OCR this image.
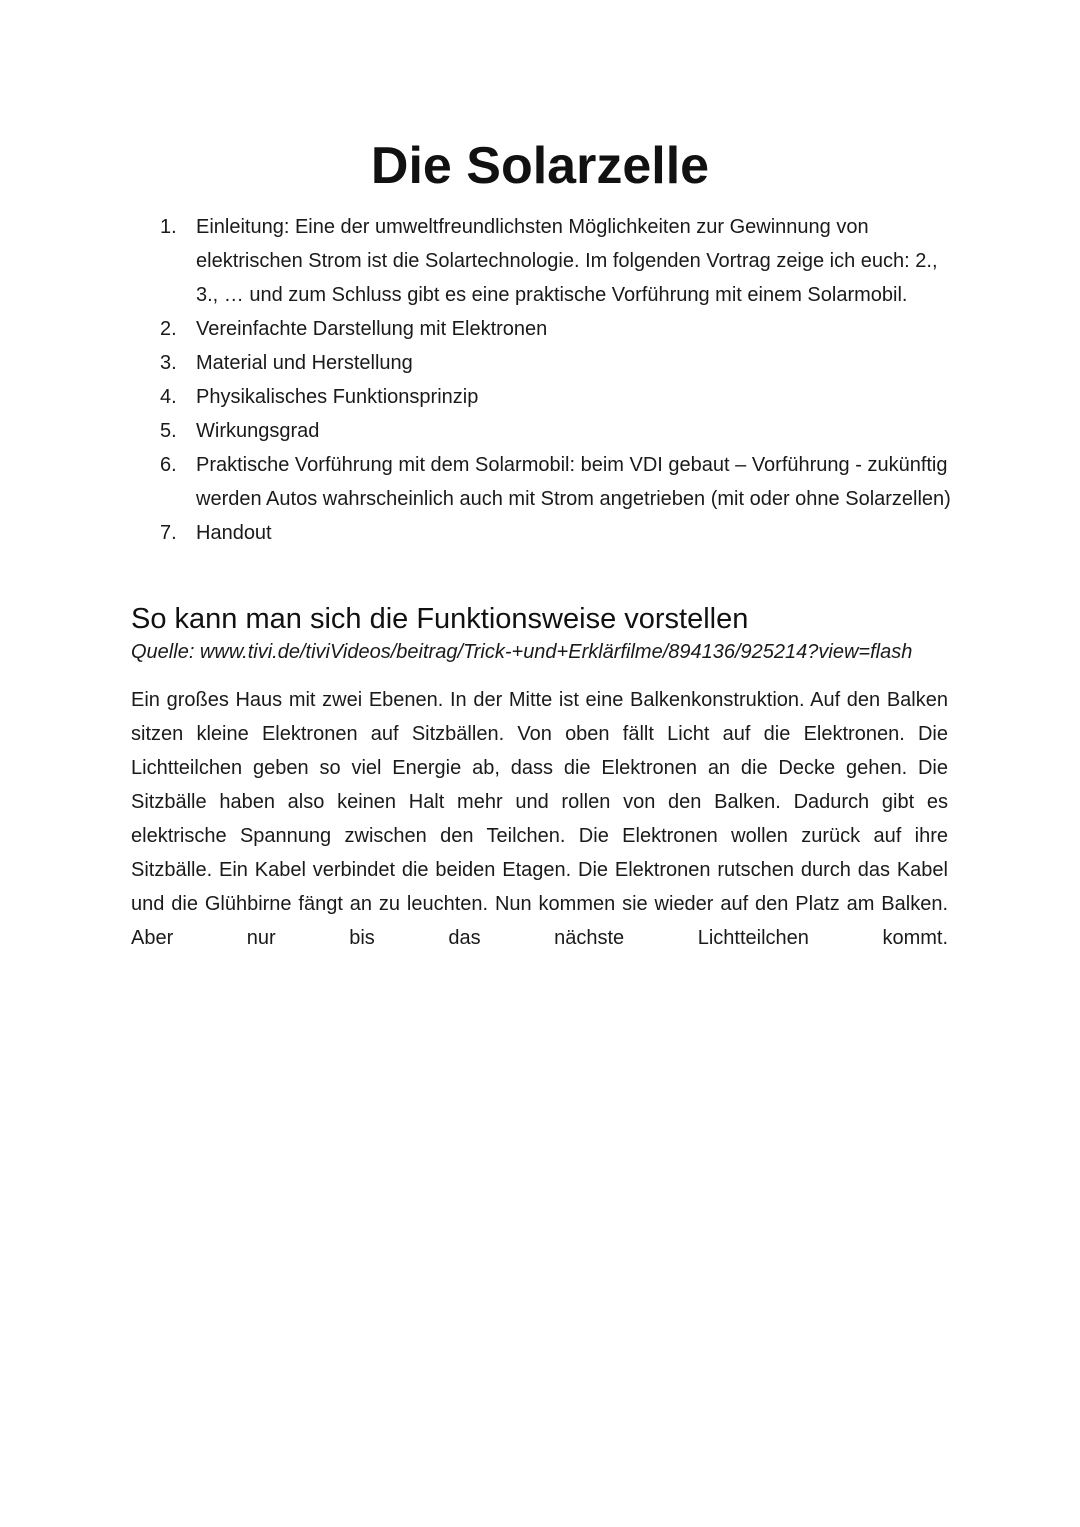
Die Solarzelle
1. Einleitung: Eine der umweltfreundlichsten Möglichkeiten zur Gewinnung von elektrischen Strom ist die Solartechnologie. Im folgenden Vortrag zeige ich euch: 2., 3., … und zum Schluss gibt es eine praktische Vorführung mit einem Solarmobil.
2. Vereinfachte Darstellung mit Elektronen
3. Material und Herstellung
4. Physikalisches Funktionsprinzip
5. Wirkungsgrad
6. Praktische Vorführung mit dem Solarmobil: beim VDI gebaut – Vorführung - zukünftig werden Autos wahrscheinlich auch mit Strom angetrieben (mit oder ohne Solarzellen)
7. Handout
So kann man sich die Funktionsweise vorstellen

Quelle: www.tivi.de/tiviVideos/beitrag/Trick-+und+Erklärfilme/894136/925214?view=flash

Ein großes Haus mit zwei Ebenen. In der Mitte ist eine Balkenkonstruktion. Auf den Balken sitzen kleine Elektronen auf Sitzbällen. Von oben fällt Licht auf die Elektronen. Die Lichtteilchen geben so viel Energie ab, dass die Elektronen an die Decke gehen. Die Sitzbälle haben also keinen Halt mehr und rollen von den Balken. Dadurch gibt es elektrische Spannung zwischen den Teilchen. Die Elektronen wollen zurück auf ihre Sitzbälle. Ein Kabel verbindet die beiden Etagen. Die Elektronen rutschen durch das Kabel und die Glühbirne fängt an zu leuchten. Nun kommen sie wieder auf den Platz am Balken. Aber nur bis das nächste Lichtteilchen kommt.
